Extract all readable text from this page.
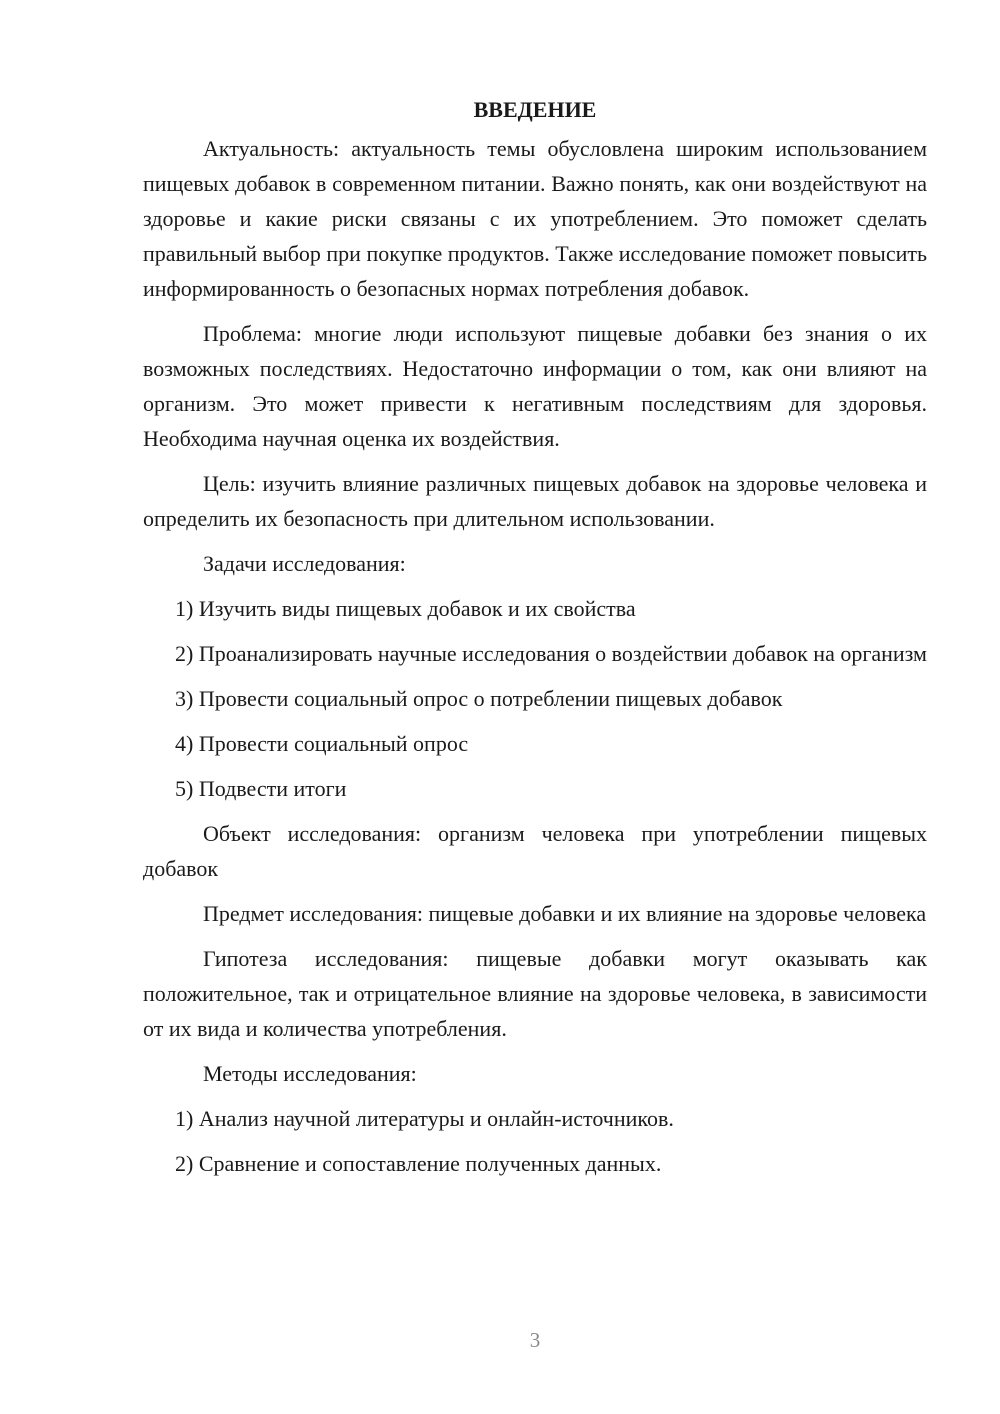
ВВЕДЕНИЕ

Актуальность: актуальность темы обусловлена широким использованием пищевых добавок в современном питании. Важно понять, как они воздействуют на здоровье и какие риски связаны с их употреблением. Это поможет сделать правильный выбор при покупке продуктов. Также исследование поможет повысить информированность о безопасных нормах потребления добавок.

Проблема: многие люди используют пищевые добавки без знания о их возможных последствиях. Недостаточно информации о том, как они влияют на организм. Это может привести к негативным последствиям для здоровья. Необходима научная оценка их воздействия.

Цель: изучить влияние различных пищевых добавок на здоровье человека и определить их безопасность при длительном использовании.

Задачи исследования:

1) Изучить виды пищевых добавок и их свойства

2) Проанализировать научные исследования о воздействии добавок на организм

3) Провести социальный опрос о потреблении пищевых добавок

4) Провести социальный опрос

5) Подвести итоги

Объект исследования: организм человека при употреблении пищевых добавок

Предмет исследования: пищевые добавки и их влияние на здоровье человека

Гипотеза исследования: пищевые добавки могут оказывать как положительное, так и отрицательное влияние на здоровье человека, в зависимости от их вида и количества употребления.

Методы исследования:

1) Анализ научной литературы и онлайн-источников.

2) Сравнение и сопоставление полученных данных.

3
